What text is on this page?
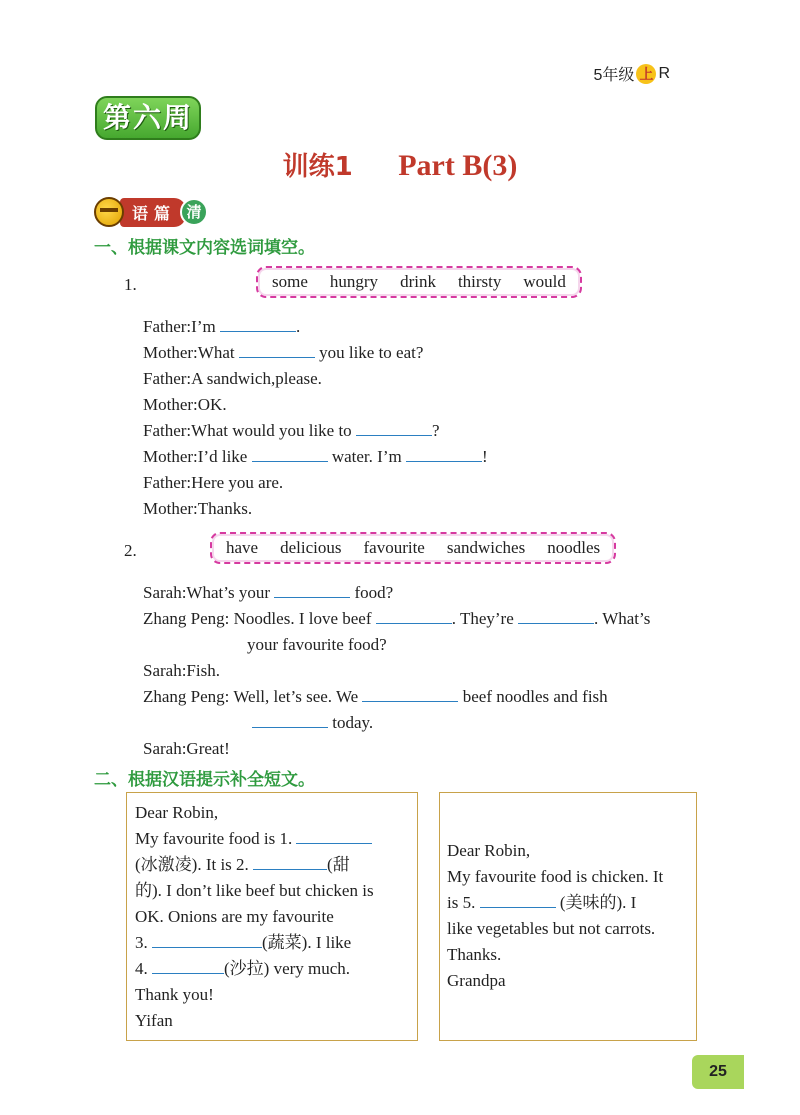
5年级 上 R
第六周
训练1 Part B(3)
语篇 清
一、根据课文内容选词填空。
1.	some hungry drink thirsty would
Father:I’m	.
Mother:What	you like to eat?
Father:A sandwich,please.
Mother:OK.
Father:What would you like to	?
Mother:I’d like	water. I’m	!
Father:Here you are.
Mother:Thanks.
2.	have delicious favourite sandwiches noodles
Sarah:What’s your	food?
Zhang Peng: Noodles. I love beef	. They’re	. What’s
your favourite food?
Sarah:Fish.
Zhang Peng: Well, let’s see. We	beef noodles and fish
today.
Sarah:Great!
二、根据汉语提示补全短文。
Dear Robin,
My favourite food is 1.
(冰激凌). It is 2.	(甜
的). I don’t like beef but chicken is
OK. Onions are my favourite
3.	(蔬菜). I like
4.	(沙拉) very much.
Thank you!
Yifan
Dear Robin,
My favourite food is chicken. It
is 5.	(美味的). I
like vegetables but not carrots.
Thanks.
Grandpa
25
